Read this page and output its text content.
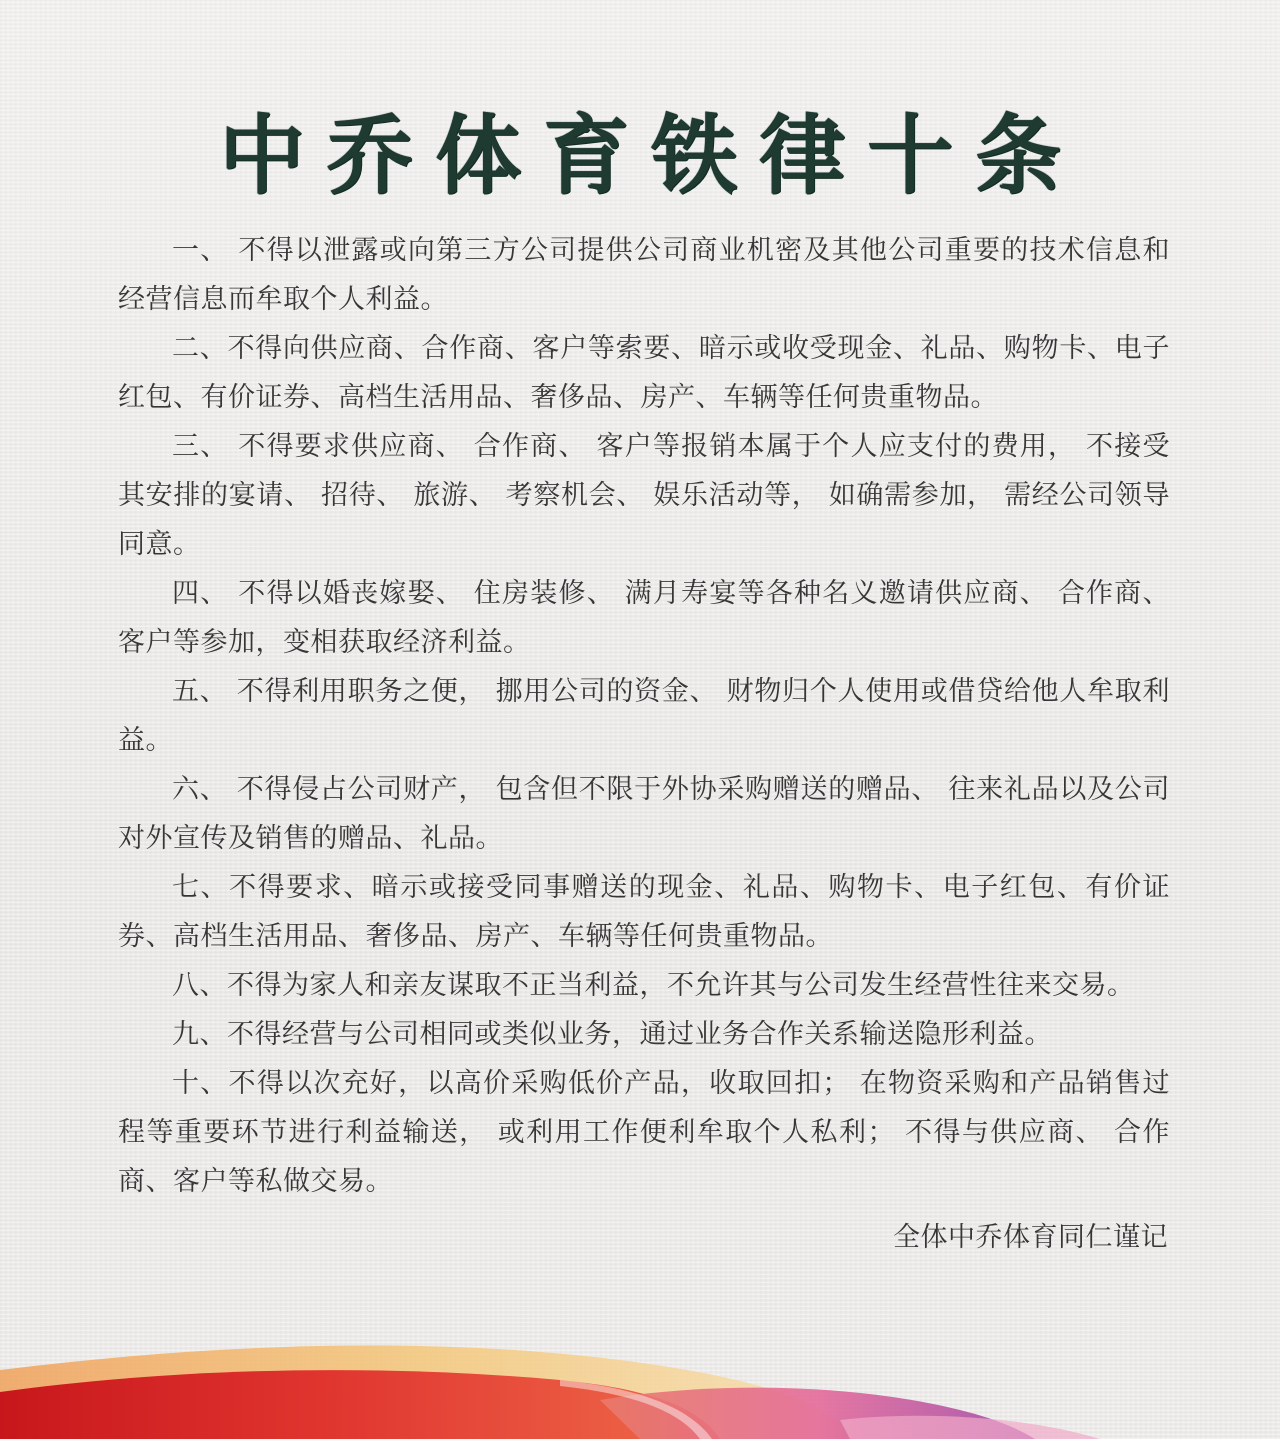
中乔体育铁律十条

一、 不得以泄露或向第三方公司提供公司商业机密及其他公司重要的技术信息和经营信息而牟取个人利益。

二、不得向供应商、合作商、客户等索要、暗示或收受现金、礼品、购物卡、电子红包、有价证券、高档生活用品、奢侈品、房产、车辆等任何贵重物品。

三、 不得要求供应商、 合作商、 客户等报销本属于个人应支付的费用， 不接受其安排的宴请、 招待、 旅游、 考察机会、 娱乐活动等， 如确需参加， 需经公司领导同意。

四、 不得以婚丧嫁娶、 住房装修、 满月寿宴等各种名义邀请供应商、 合作商、 客户等参加，变相获取经济利益。

五、 不得利用职务之便， 挪用公司的资金、 财物归个人使用或借贷给他人牟取利益。

六、 不得侵占公司财产， 包含但不限于外协采购赠送的赠品、 往来礼品以及公司对外宣传及销售的赠品、礼品。

七、不得要求、暗示或接受同事赠送的现金、礼品、购物卡、电子红包、有价证券、高档生活用品、奢侈品、房产、车辆等任何贵重物品。

八、不得为家人和亲友谋取不正当利益，不允许其与公司发生经营性往来交易。

九、不得经营与公司相同或类似业务，通过业务合作关系输送隐形利益。

十、不得以次充好，以高价采购低价产品，收取回扣； 在物资采购和产品销售过程等重要环节进行利益输送， 或利用工作便利牟取个人私利； 不得与供应商、 合作商、客户等私做交易。

全体中乔体育同仁谨记
